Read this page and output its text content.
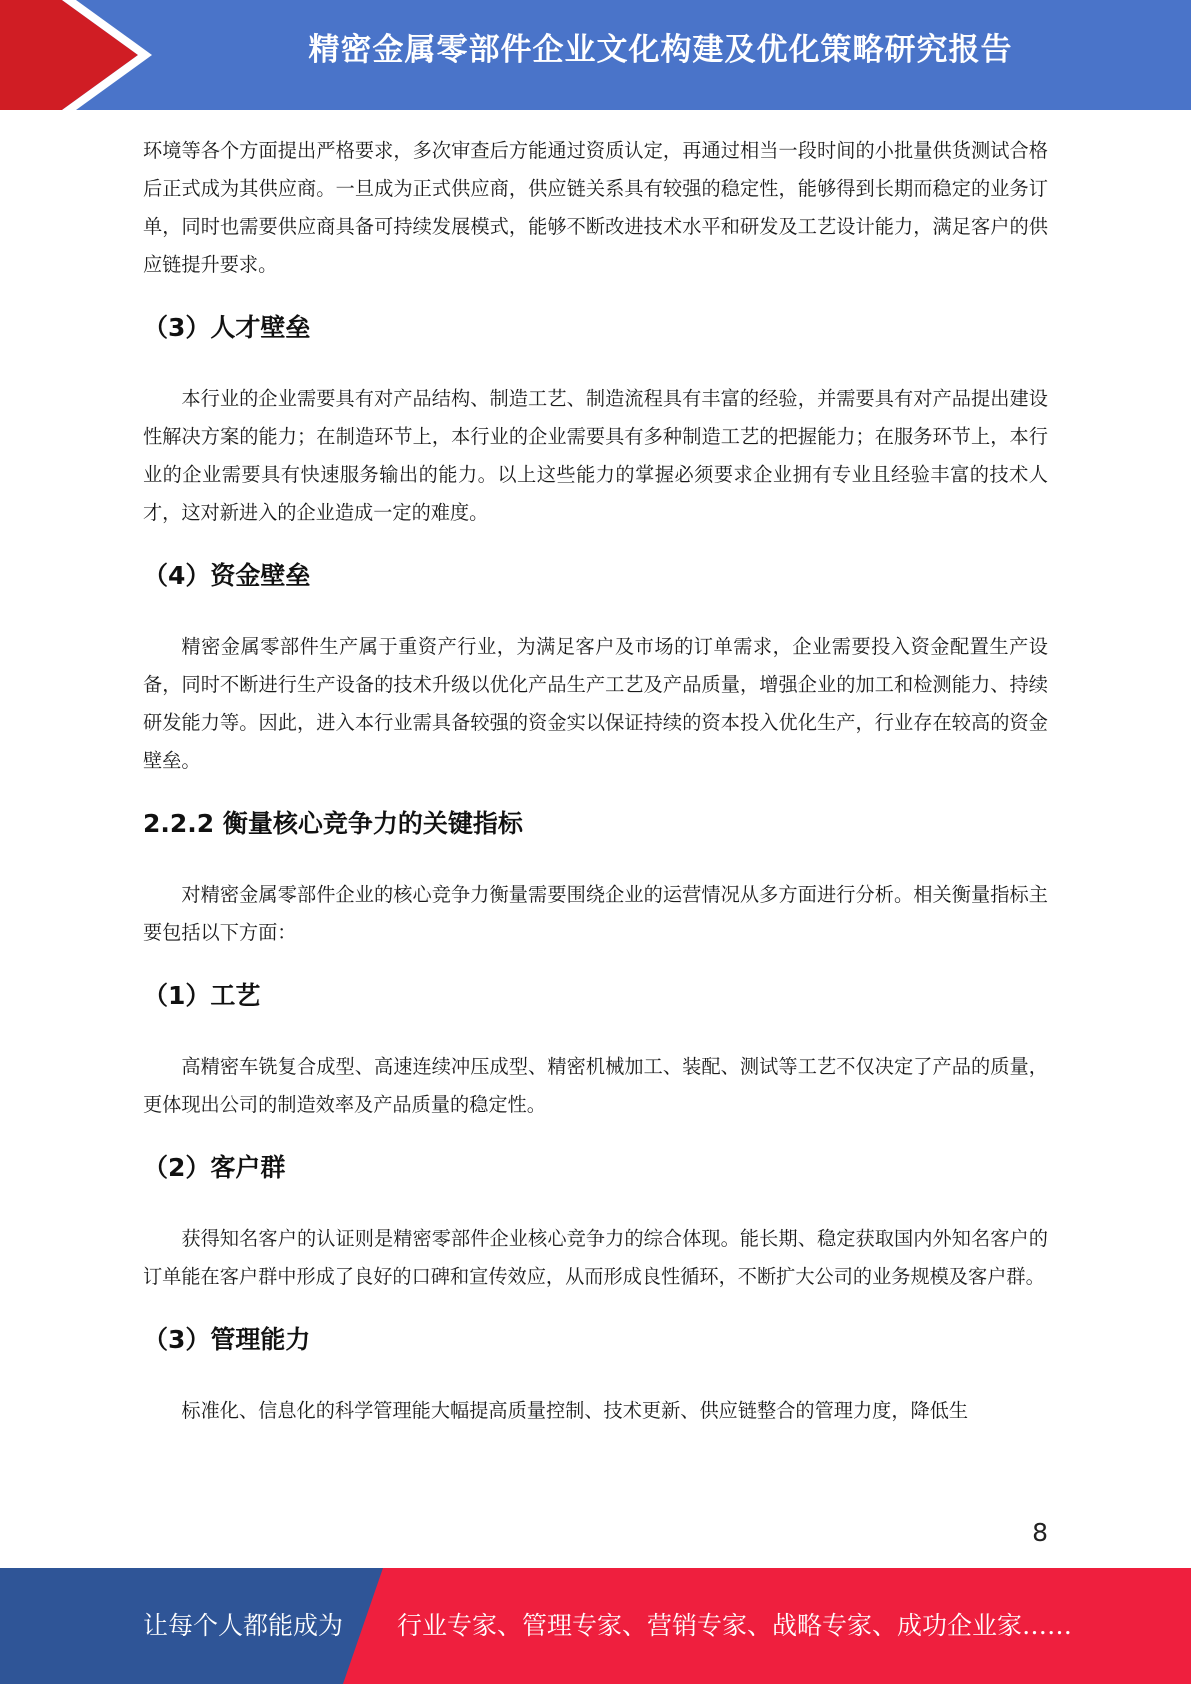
精密金属零部件企业文化构建及优化策略研究报告

环境等各个方面提出严格要求，多次审查后方能通过资质认定，再通过相当一段时间的小批量供货测试合格后正式成为其供应商。一旦成为正式供应商，供应链关系具有较强的稳定性，能够得到长期而稳定的业务订单，同时也需要供应商具备可持续发展模式，能够不断改进技术水平和研发及工艺设计能力，满足客户的供应链提升要求。

（3）人才壁垒

本行业的企业需要具有对产品结构、制造工艺、制造流程具有丰富的经验，并需要具有对产品提出建设性解决方案的能力；在制造环节上，本行业的企业需要具有多种制造工艺的把握能力；在服务环节上，本行业的企业需要具有快速服务输出的能力。以上这些能力的掌握必须要求企业拥有专业且经验丰富的技术人才，这对新进入的企业造成一定的难度。

（4）资金壁垒

精密金属零部件生产属于重资产行业，为满足客户及市场的订单需求，企业需要投入资金配置生产设备，同时不断进行生产设备的技术升级以优化产品生产工艺及产品质量，增强企业的加工和检测能力、持续研发能力等。因此，进入本行业需具备较强的资金实以保证持续的资本投入优化生产，行业存在较高的资金壁垒。

2.2.2 衡量核心竞争力的关键指标

对精密金属零部件企业的核心竞争力衡量需要围绕企业的运营情况从多方面进行分析。相关衡量指标主要包括以下方面：

（1）工艺

高精密车铣复合成型、高速连续冲压成型、精密机械加工、装配、测试等工艺不仅决定了产品的质量，更体现出公司的制造效率及产品质量的稳定性。

（2）客户群

获得知名客户的认证则是精密零部件企业核心竞争力的综合体现。能长期、稳定获取国内外知名客户的订单能在客户群中形成了良好的口碑和宣传效应，从而形成良性循环，不断扩大公司的业务规模及客户群。

（3）管理能力

标准化、信息化的科学管理能大幅提高质量控制、技术更新、供应链整合的管理力度，降低生

8
让每个人都能成为 行业专家、管理专家、营销专家、战略专家、成功企业家……
